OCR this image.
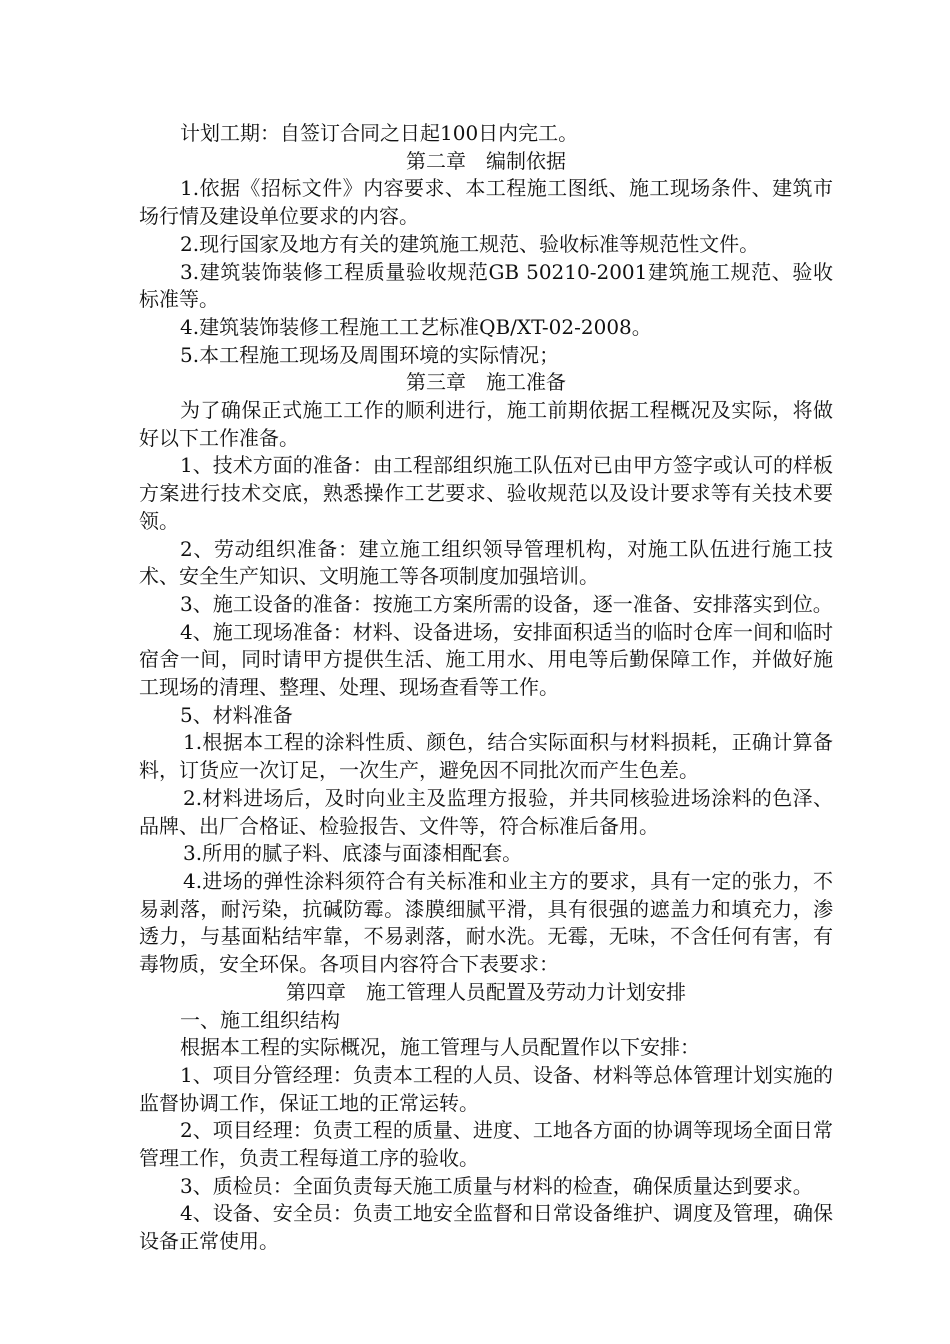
计划工期：自签订合同之日起100日内完工。

第二章　编制依据

1.依据《招标文件》内容要求、本工程施工图纸、施工现场条件、建筑市场行情及建设单位要求的内容。

2.现行国家及地方有关的建筑施工规范、验收标准等规范性文件。

3.建筑装饰装修工程质量验收规范GB 50210-2001建筑施工规范、验收标准等。

4.建筑装饰装修工程施工工艺标准QB/XT-02-2008。

5.本工程施工现场及周围环境的实际情况；

第三章　施工准备

为了确保正式施工工作的顺利进行，施工前期依据工程概况及实际，将做好以下工作准备。

1、技术方面的准备：由工程部组织施工队伍对已由甲方签字或认可的样板方案进行技术交底，熟悉操作工艺要求、验收规范以及设计要求等有关技术要领。

2、劳动组织准备：建立施工组织领导管理机构，对施工队伍进行施工技术、安全生产知识、文明施工等各项制度加强培训。

3、施工设备的准备：按施工方案所需的设备，逐一准备、安排落实到位。

4、施工现场准备：材料、设备进场，安排面积适当的临时仓库一间和临时宿舍一间，同时请甲方提供生活、施工用水、用电等后勤保障工作，并做好施工现场的清理、整理、处理、现场查看等工作。

5、材料准备

1.根据本工程的涂料性质、颜色，结合实际面积与材料损耗，正确计算备料，订货应一次订足，一次生产，避免因不同批次而产生色差。

2.材料进场后，及时向业主及监理方报验，并共同核验进场涂料的色泽、品牌、出厂合格证、检验报告、文件等，符合标准后备用。

3.所用的腻子料、底漆与面漆相配套。

4.进场的弹性涂料须符合有关标准和业主方的要求，具有一定的张力，不易剥落，耐污染，抗碱防霉。漆膜细腻平滑，具有很强的遮盖力和填充力，渗透力，与基面粘结牢靠，不易剥落，耐水洗。无霉，无味，不含任何有害，有毒物质，安全环保。各项目内容符合下表要求：

第四章　施工管理人员配置及劳动力计划安排

一、施工组织结构

根据本工程的实际概况，施工管理与人员配置作以下安排：

1、项目分管经理：负责本工程的人员、设备、材料等总体管理计划实施的监督协调工作，保证工地的正常运转。

2、项目经理：负责工程的质量、进度、工地各方面的协调等现场全面日常管理工作，负责工程每道工序的验收。

3、质检员：全面负责每天施工质量与材料的检查，确保质量达到要求。

4、设备、安全员：负责工地安全监督和日常设备维护、调度及管理，确保设备正常使用。
